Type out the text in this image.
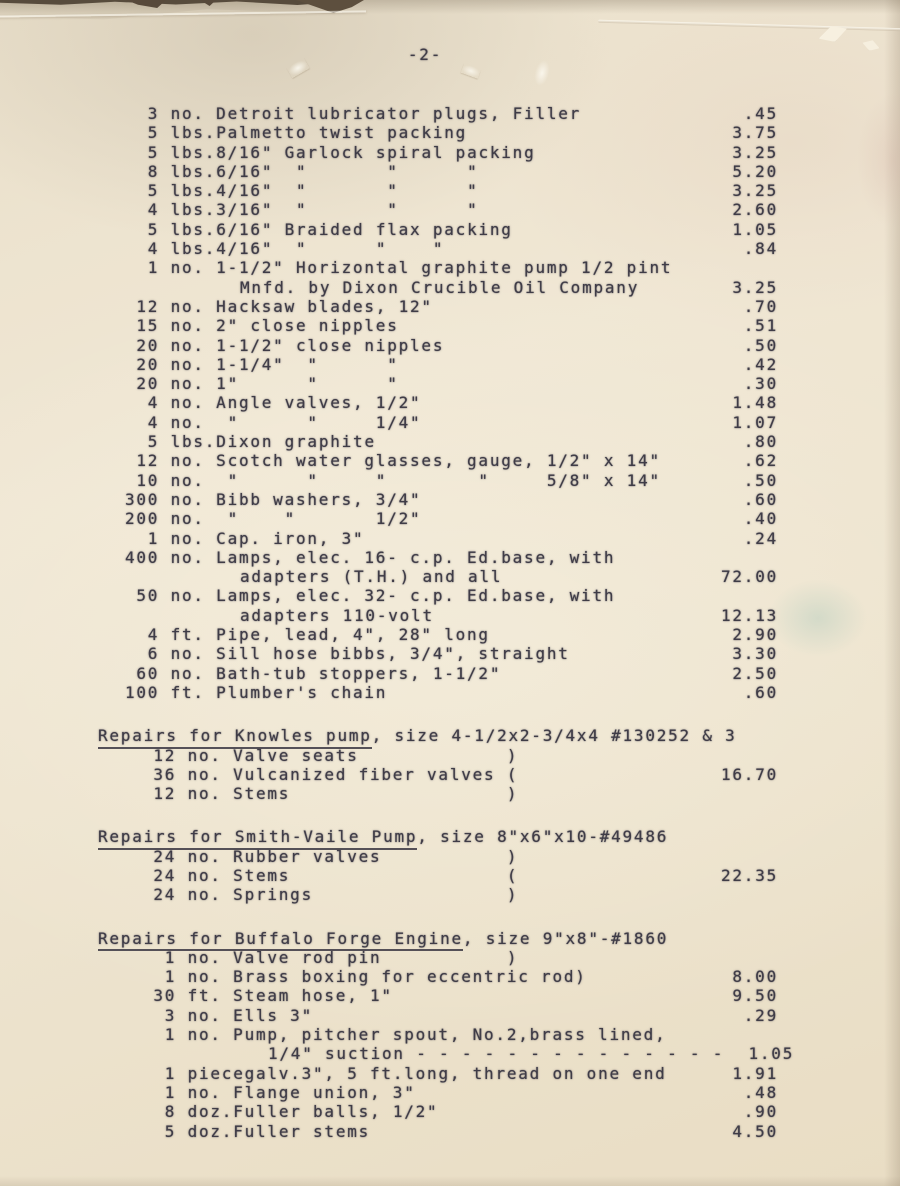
-2-
3 no. Detroit lubricator plugs, Filler	.45
5 lbs. Palmetto twist packing	3.75
5 lbs. 8/16" Garlock spiral packing	3.25
8 lbs. 6/16"  "       "      "	5.20
5 lbs. 4/16"  "       "      "	3.25
4 lbs. 3/16"  "       "      "	2.60
5 lbs. 6/16" Braided flax packing	1.05
4 lbs. 4/16"  "      "    "	.84
1 no. 1-1/2" Horizontal graphite pump 1/2 pint
Mnfd. by Dixon Crucible Oil Company	3.25
12 no. Hacksaw blades, 12"	.70
15 no. 2" close nipples	.51
20 no. 1-1/2" close nipples	.50
20 no. 1-1/4"  "      "	.42
20 no. 1"      "      "	.30
4 no. Angle valves, 1/2"	1.48
4 no. "      "     1/4"	1.07
5 lbs. Dixon graphite	.80
12 no. Scotch water glasses, gauge, 1/2" x 14"	.62
10 no. "      "     "        "     5/8" x 14"	.50
300 no. Bibb washers, 3/4"	.60
200 no. "    "       1/2"	.40
1 no. Cap. iron, 3"	.24
400 no. Lamps, elec. 16- c.p. Ed.base, with
adapters (T.H.) and all	72.00
50 no. Lamps, elec. 32- c.p. Ed.base, with
adapters 110-volt	12.13
4 ft. Pipe, lead, 4", 28" long	2.90
6 no. Sill hose bibbs, 3/4", straight	3.30
60 no. Bath-tub stoppers, 1-1/2"	2.50
100 ft. Plumber's chain	.60
Repairs for Knowles pump , size 4-1/2x2-3/4x4 #130252 & 3
12 no. Valve seats             )
36 no. Vulcanized fiber valves (	16.70
12 no. Stems                   )
Repairs for Smith-Vaile Pump , size 8"x6"x10-#49486
24 no. Rubber valves           )
24 no. Stems                   (	22.35
24 no. Springs                 )
Repairs for Buffalo Forge Engine , size 9"x8"-#1860
1 no. Valve rod pin           )
1 no. Brass boxing for eccentric rod)	8.00
30 ft. Steam hose, 1"	9.50
3 no. Ells 3"	.29
1 no. Pump, pitcher spout, No.2,brass lined,
1/4" suction - - - - - - - - - - - - - -	1.05
1 piece galv.3", 5 ft.long, thread on one end	1.91
1 no. Flange union, 3"	.48
8 doz. Fuller balls, 1/2"	.90
5 doz. Fuller stems	4.50
